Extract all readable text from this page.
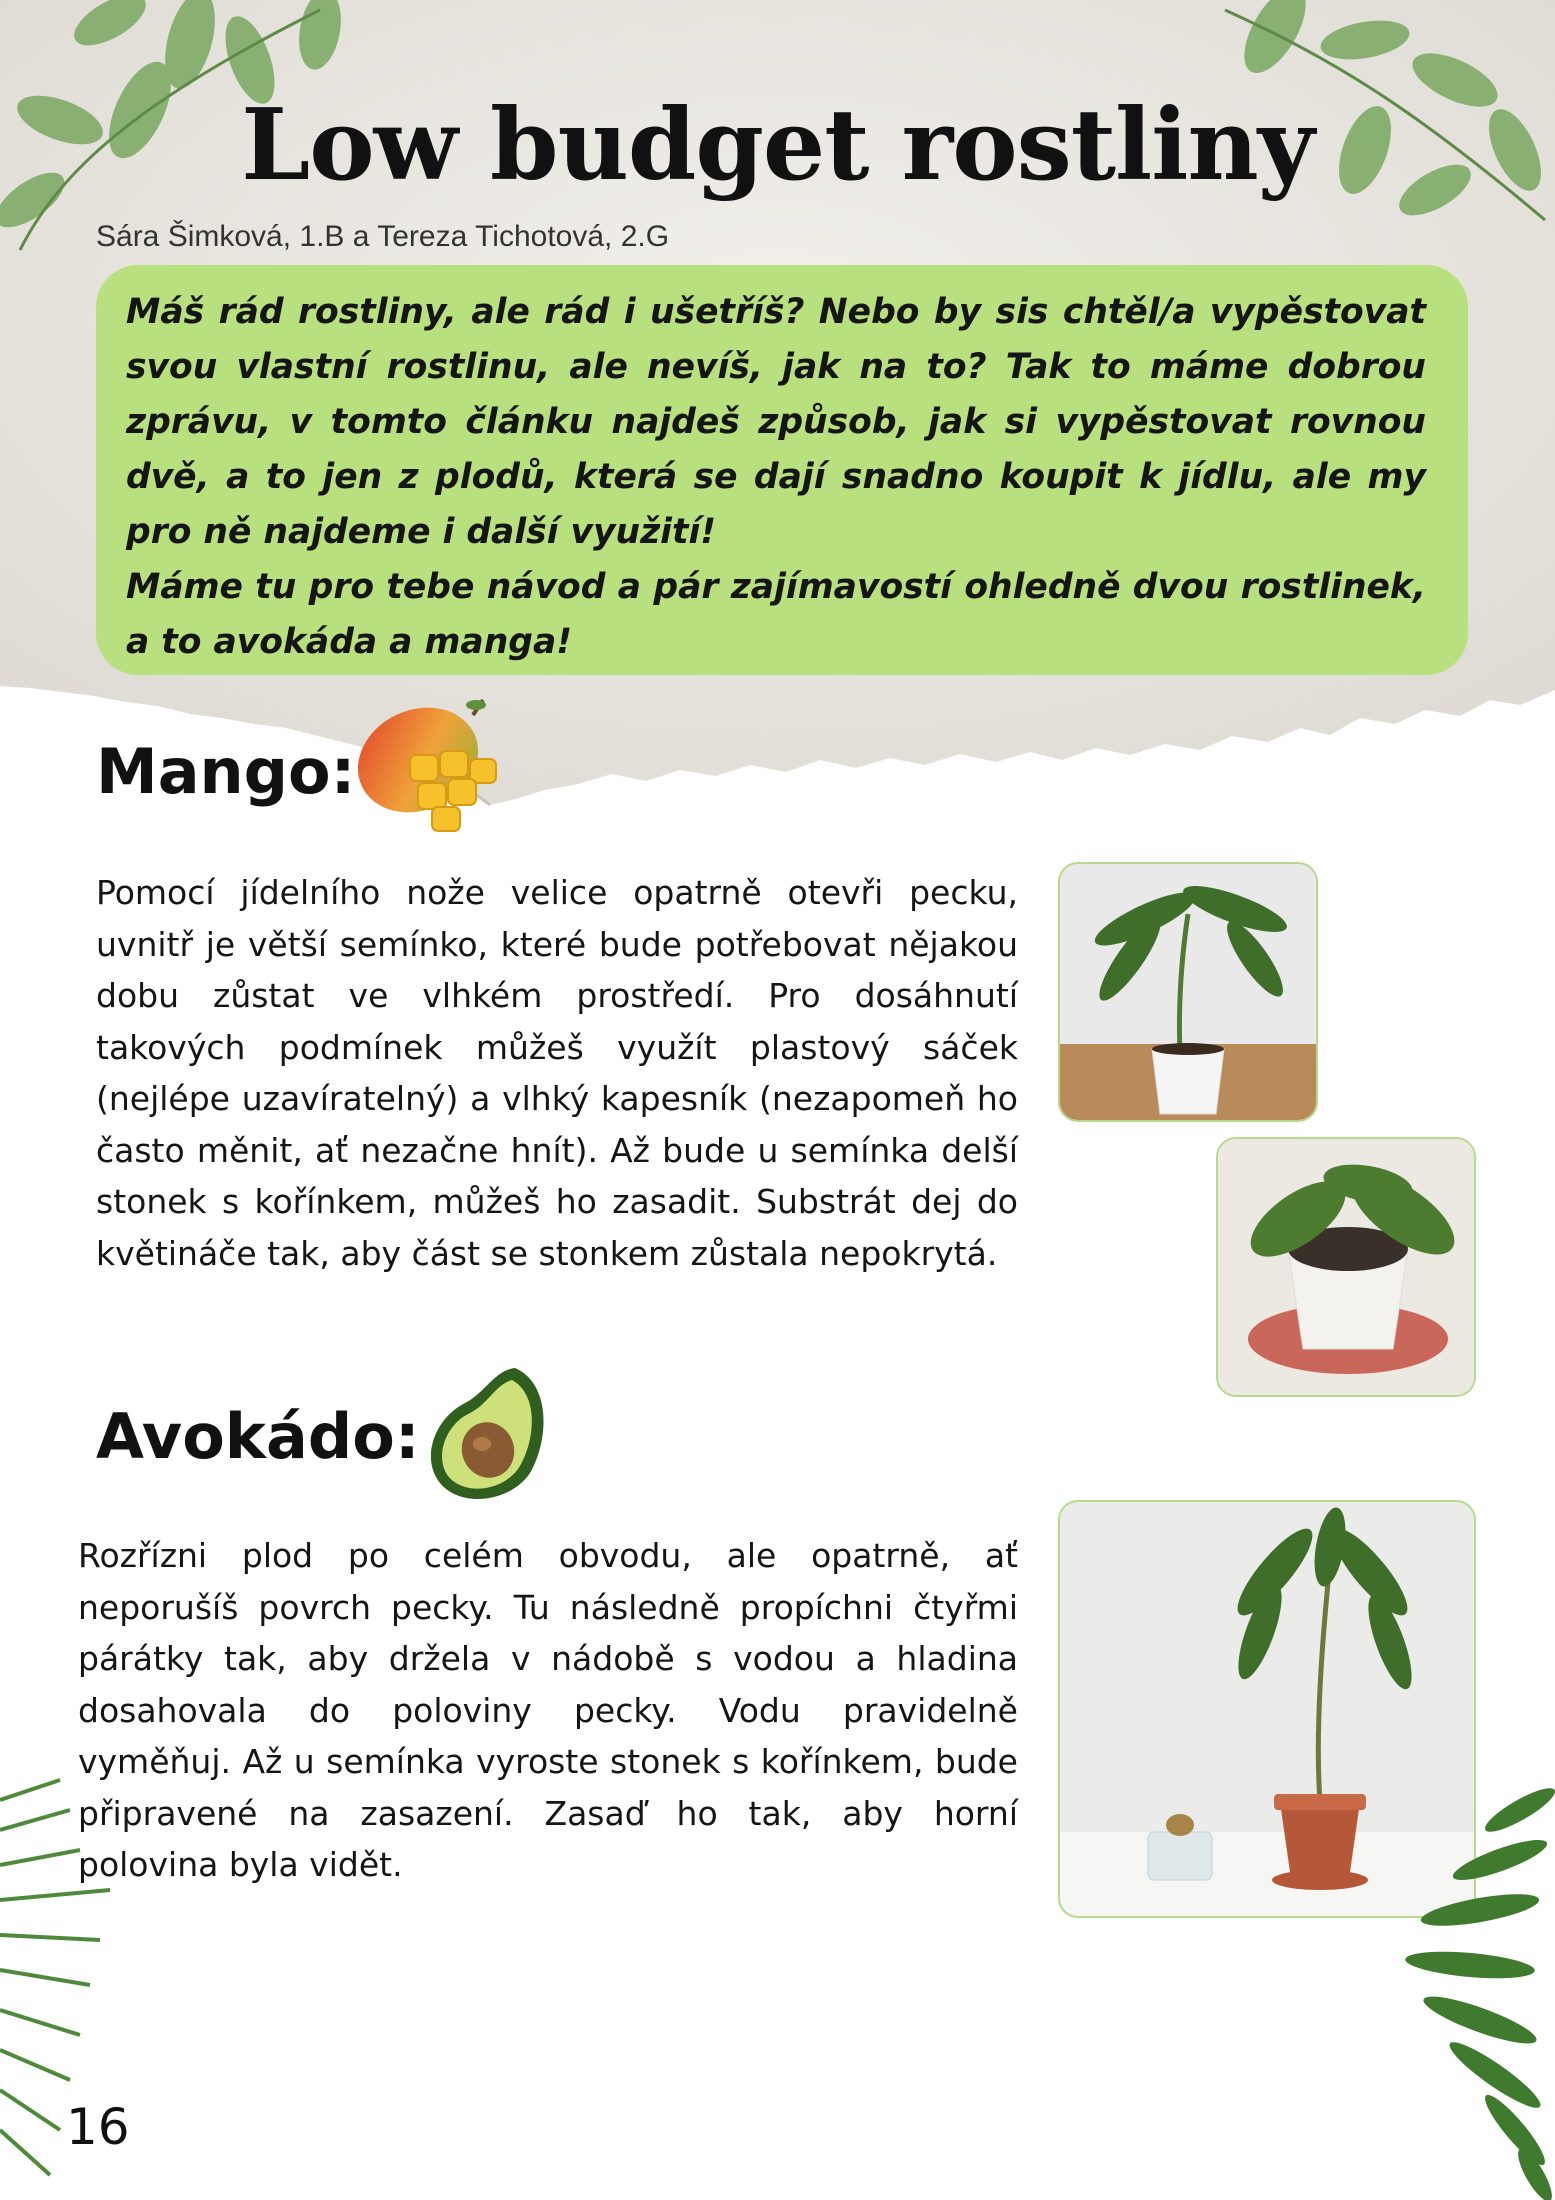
Low budget rostliny
Sára Šimková, 1.B a Tereza Tichotová, 2.G

Máš rád rostliny, ale rád i ušetříš? Nebo by sis chtěl/a vypěstovat svou vlastní rostlinu, ale nevíš, jak na to? Tak to máme dobrou zprávu, v tomto článku najdeš způsob, jak si vypěstovat rovnou dvě, a to jen z plodů, která se dají snadno koupit k jídlu, ale my pro ně najdeme i další využití!

Máme tu pro tebe návod a pár zajímavostí ohledně dvou rostlinek, a to avokáda a manga!

Mango:

Pomocí jídelního nože velice opatrně otevři pecku, uvnitř je větší semínko, které bude potřebovat nějakou dobu zůstat ve vlhkém prostředí. Pro dosáhnutí takových podmínek můžeš využít plastový sáček (nejlépe uzavíratelný) a vlhký kapesník (nezapomeň ho často měnit, ať nezačne hnít). Až bude u semínka delší stonek s kořínkem, můžeš ho zasadit. Substrát dej do květináče tak, aby část se stonkem zůstala nepokrytá.

Avokádo:

Rozřízni plod po celém obvodu, ale opatrně, ať neporušíš povrch pecky. Tu následně propíchni čtyřmi párátky tak, aby držela v nádobě s vodou a hladina dosahovala do poloviny pecky. Vodu pravidelně vyměňuj. Až u semínka vyroste stonek s kořínkem, bude připravené na zasazení. Zasaď ho tak, aby horní polovina byla vidět.

16
